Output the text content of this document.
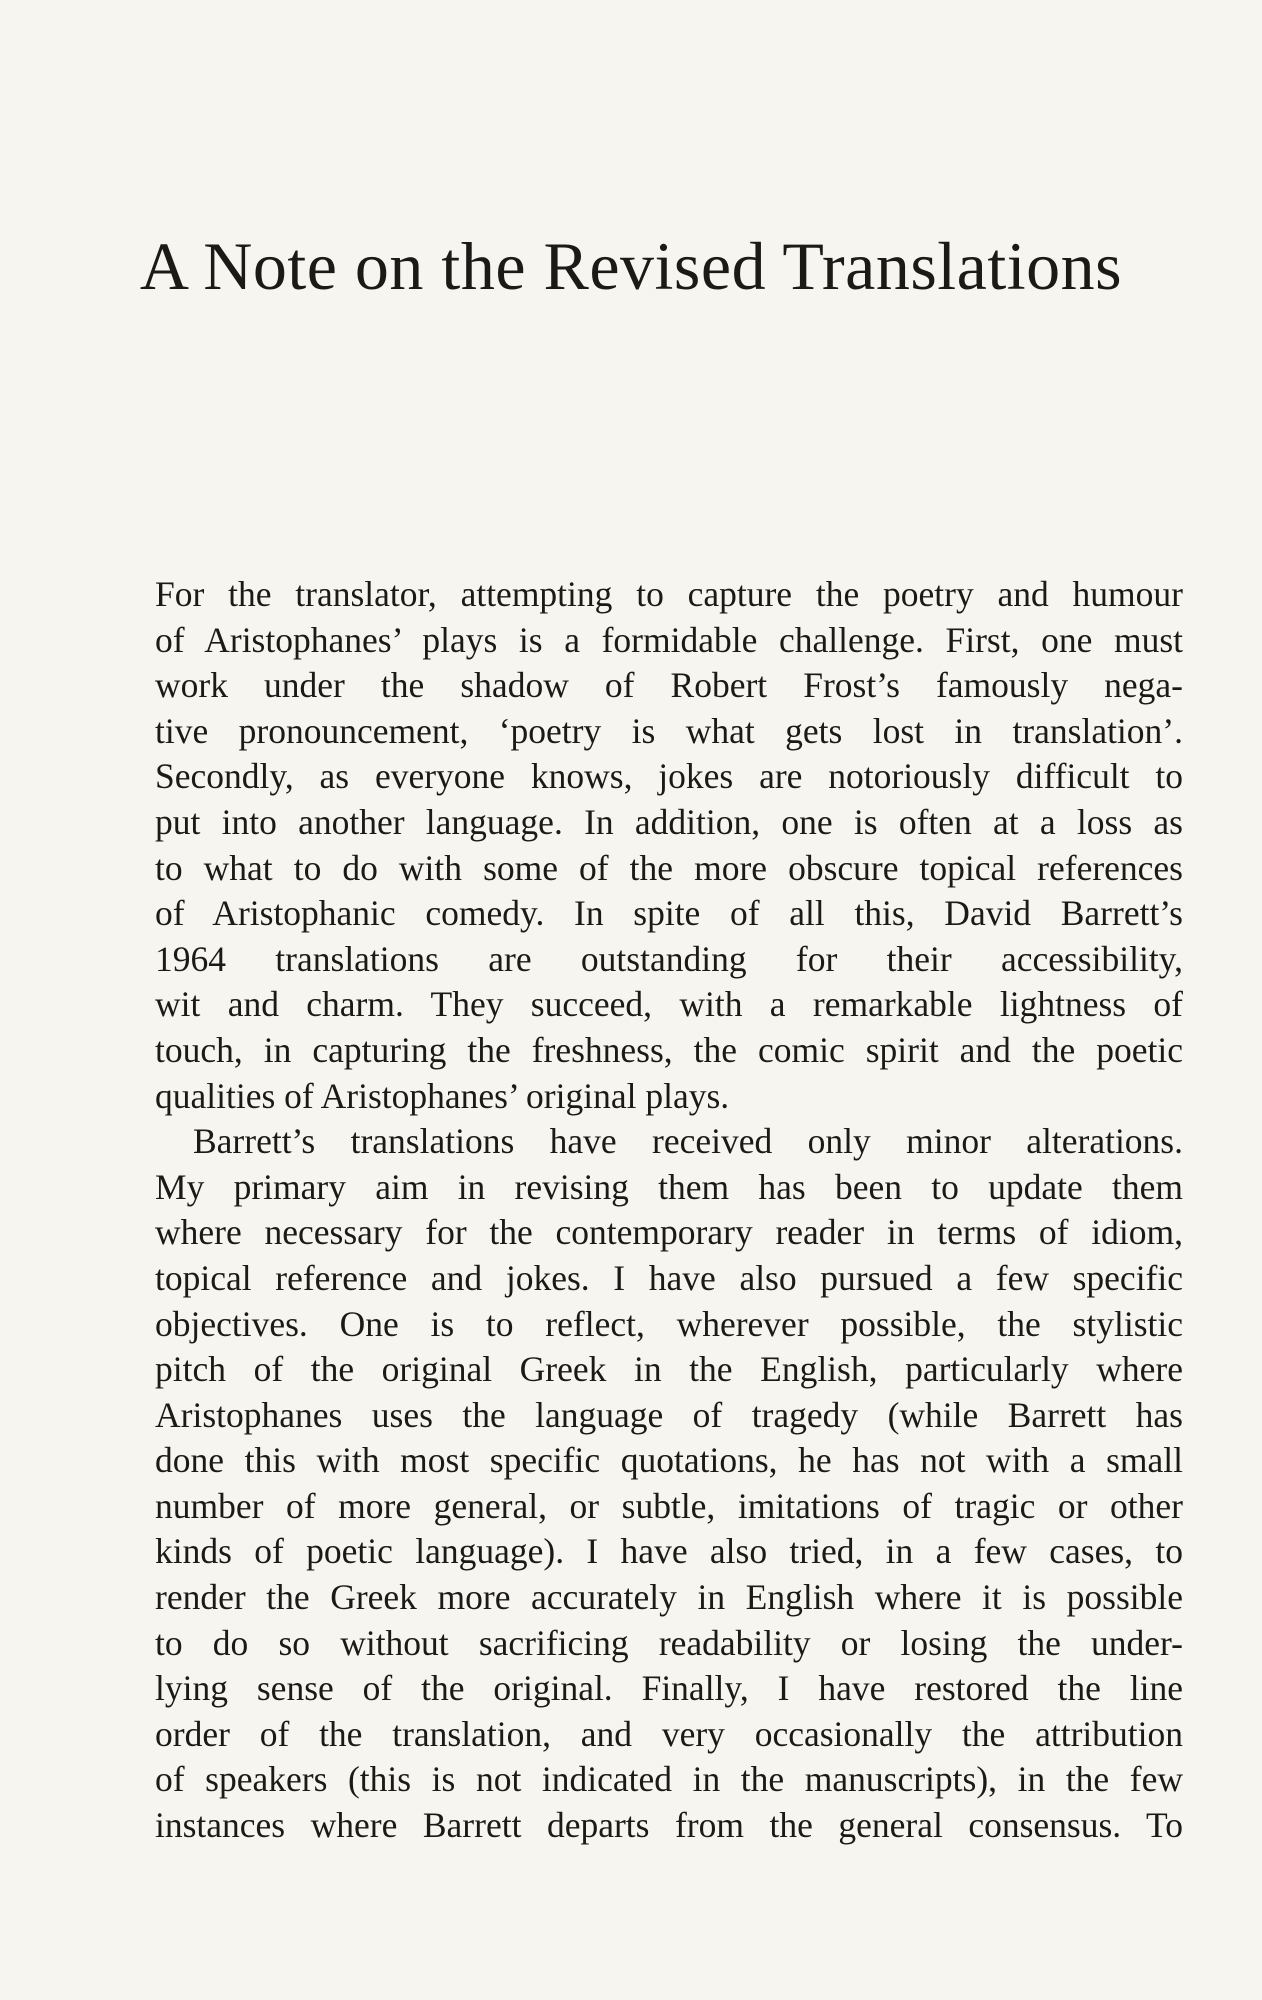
A Note on the Revised Translations
For the translator, attempting to capture the poetry and humour
of Aristophanes’ plays is a formidable challenge. First, one must
work under the shadow of Robert Frost’s famously nega-
tive pronouncement, ‘poetry is what gets lost in translation’.
Secondly, as everyone knows, jokes are notoriously difficult to
put into another language. In addition, one is often at a loss as
to what to do with some of the more obscure topical references
of Aristophanic comedy. In spite of all this, David Barrett’s
1964 translations are outstanding for their accessibility,
wit and charm. They succeed, with a remarkable lightness of
touch, in capturing the freshness, the comic spirit and the poetic
qualities of Aristophanes’ original plays.
Barrett’s translations have received only minor alterations.
My primary aim in revising them has been to update them
where necessary for the contemporary reader in terms of idiom,
topical reference and jokes. I have also pursued a few specific
objectives. One is to reflect, wherever possible, the stylistic
pitch of the original Greek in the English, particularly where
Aristophanes uses the language of tragedy (while Barrett has
done this with most specific quotations, he has not with a small
number of more general, or subtle, imitations of tragic or other
kinds of poetic language). I have also tried, in a few cases, to
render the Greek more accurately in English where it is possible
to do so without sacrificing readability or losing the under-
lying sense of the original. Finally, I have restored the line
order of the translation, and very occasionally the attribution
of speakers (this is not indicated in the manuscripts), in the few
instances where Barrett departs from the general consensus. To
